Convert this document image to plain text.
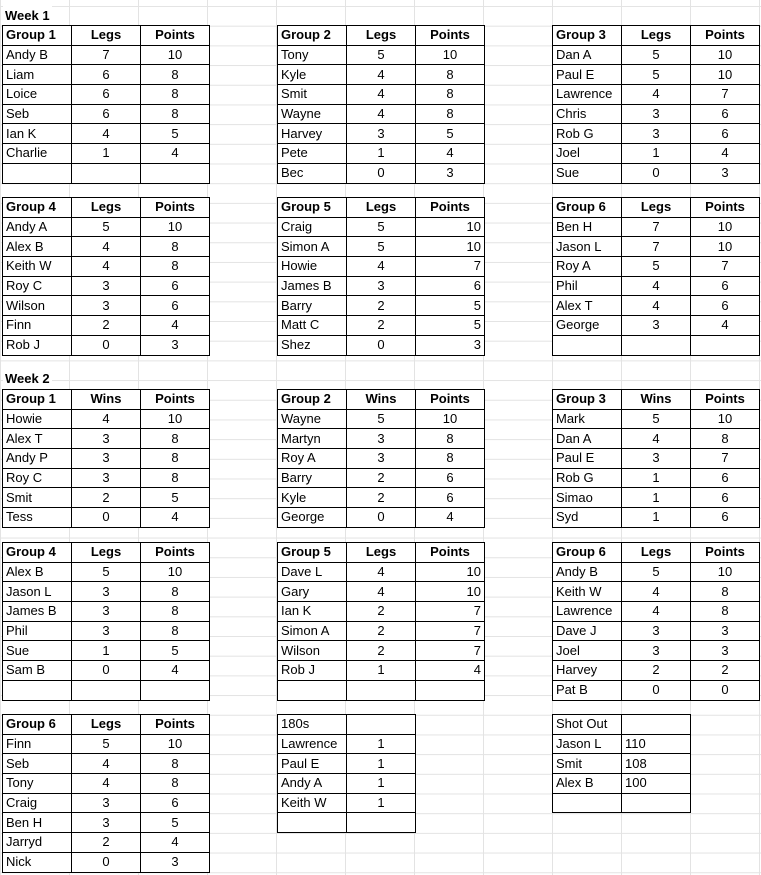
Week 1
Group 1	Legs	Points
Andy B	7	10
Liam	6	8
Loice	6	8
Seb	6	8
Ian K	4	5
Charlie	1	4

Group 2	Legs	Points
Tony	5	10
Kyle	4	8
Smit	4	8
Wayne	4	8
Harvey	3	5
Pete	1	4
Bec	0	3
Group 3	Legs	Points
Dan A	5	10
Paul E	5	10
Lawrence	4	7
Chris	3	6
Rob G	3	6
Joel	1	4
Sue	0	3
Group 4	Legs	Points
Andy A	5	10
Alex B	4	8
Keith W	4	8
Roy C	3	6
Wilson	3	6
Finn	2	4
Rob J	0	3
Group 5	Legs	Points
Craig	5	10
Simon A	5	10
Howie	4	7
James B	3	6
Barry	2	5
Matt C	2	5
Shez	0	3
Group 6	Legs	Points
Ben H	7	10
Jason L	7	10
Roy A	5	7
Phil	4	6
Alex T	4	6
George	3	4

Week 2
Group 1	Wins	Points
Howie	4	10
Alex T	3	8
Andy P	3	8
Roy C	3	8
Smit	2	5
Tess	0	4
Group 2	Wins	Points
Wayne	5	10
Martyn	3	8
Roy A	3	8
Barry	2	6
Kyle	2	6
George	0	4
Group 3	Wins	Points
Mark	5	10
Dan A	4	8
Paul E	3	7
Rob G	1	6
Simao	1	6
Syd	1	6
Group 4	Legs	Points
Alex B	5	10
Jason L	3	8
James B	3	8
Phil	3	8
Sue	1	5
Sam B	0	4

Group 5	Legs	Points
Dave L	4	10
Gary	4	10
Ian K	2	7
Simon A	2	7
Wilson	2	7
Rob J	1	4

Group 6	Legs	Points
Andy B	5	10
Keith W	4	8
Lawrence	4	8
Dave J	3	3
Joel	3	3
Harvey	2	2
Pat B	0	0
Group 6	Legs	Points
Finn	5	10
Seb	4	8
Tony	4	8
Craig	3	6
Ben H	3	5
Jarryd	2	4
Nick	0	3
180s	
Lawrence	1
Paul E	1
Andy A	1
Keith W	1

Shot Out	
Jason L	110
Smit	108
Alex B	100
